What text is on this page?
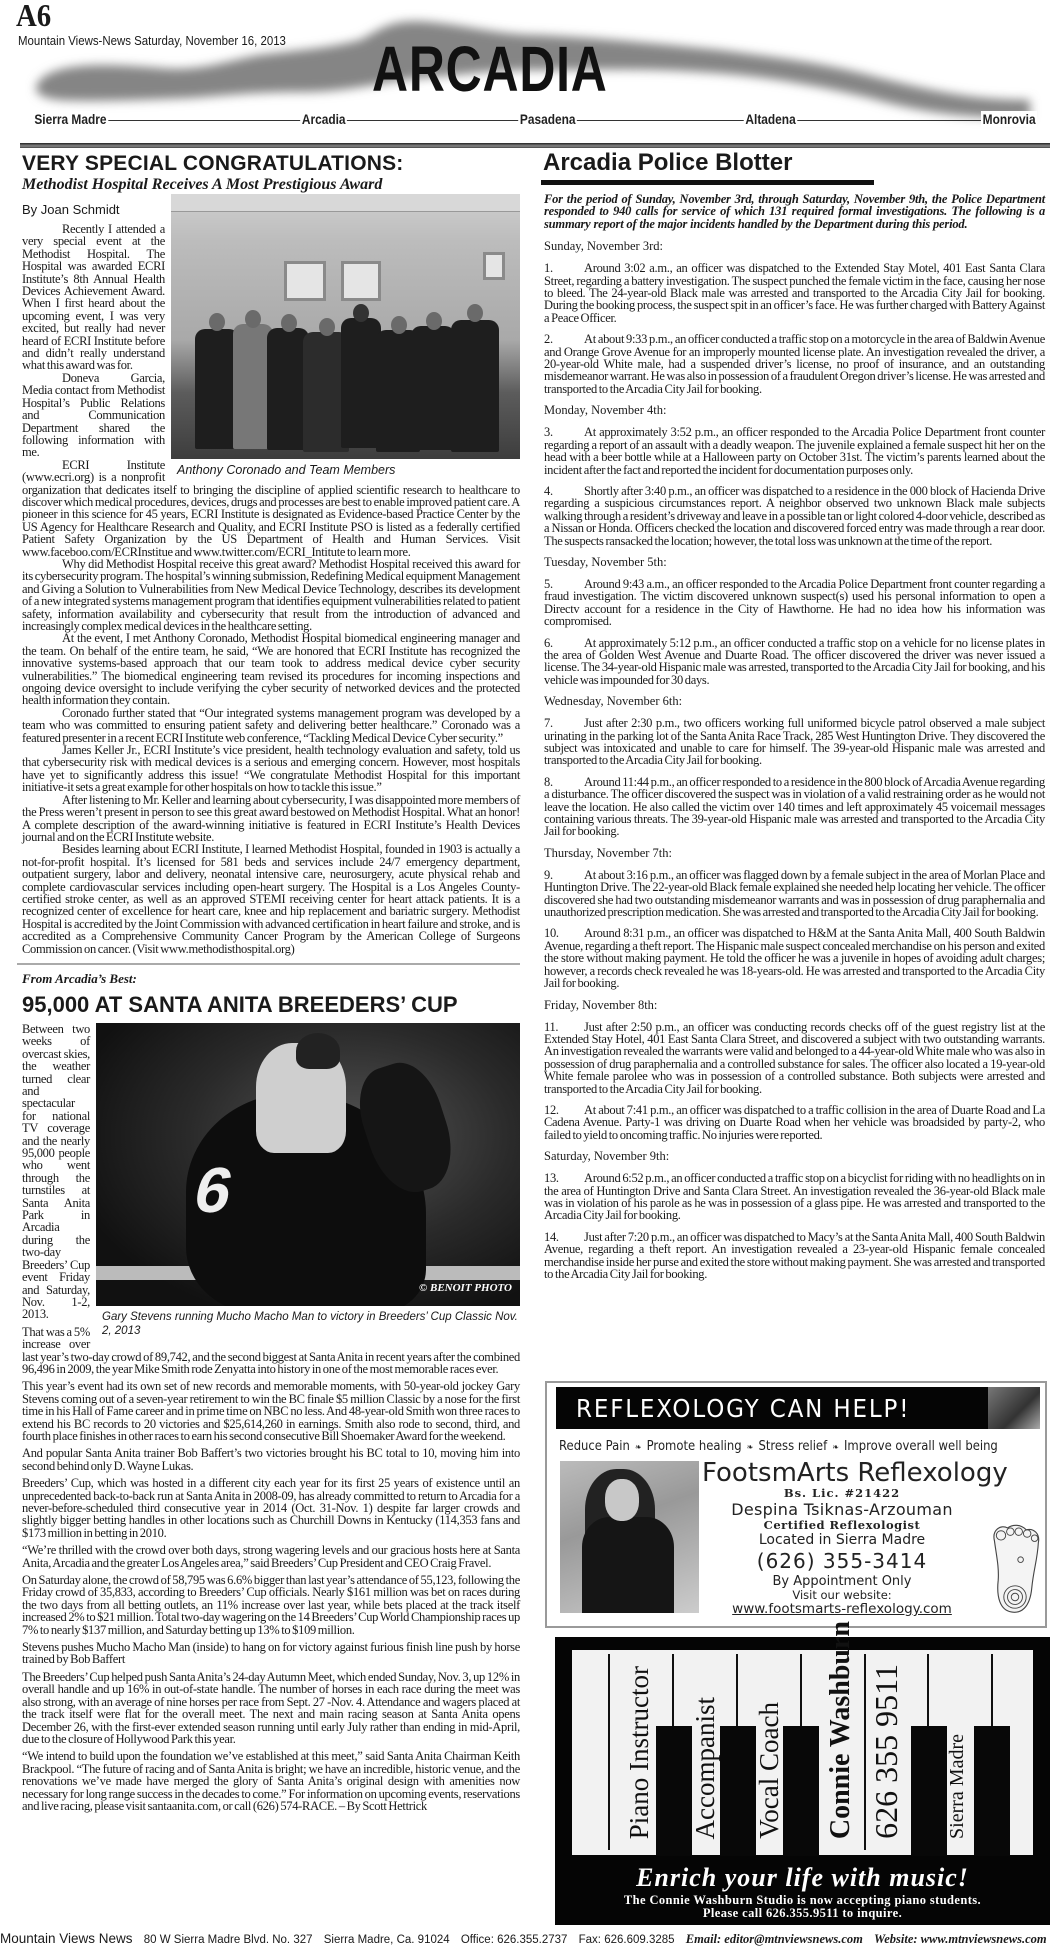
A6
Mountain Views-News Saturday, November 16, 2013 ARCADIA
Sierra Madre	Arcadia	Pasadena	Altadena	Monrovia
VERY SPECIAL CONGRATULATIONS:
Methodist Hospital Receives A Most Prestigious Award
Anthony Coronado and Team Members
By Joan Schmidt

Recently I attended a very special event at the Methodist Hospital. The Hospital was awarded ECRI Institute’s 8th Annual Health Devices Achievement Award. When I first heard about the upcoming event, I was very excited, but really had never heard of ECRI Institute before and didn’t really understand what this award was for.

Doneva Garcia, Media contact from Methodist Hospital’s Public Relations and Communication Department shared the following information with me.

ECRI Institute (www.ecri.org) is a nonprofit organization that dedicates itself to bringing the discipline of applied scientific research to healthcare to discover which medical procedures, devices, drugs and processes are best to enable improved patient care. A pioneer in this science for 45 years, ECRI Institute is designated as Evidence-based Practice Center by the US Agency for Healthcare Research and Quality, and ECRI Institute PSO is listed as a federally certified Patient Safety Organization by the US Department of Health and Human Services. Visit www.faceboo.com/ECRInstitue and www.twitter.com/ECRI_Intitute to learn more.

Why did Methodist Hospital receive this great award? Methodist Hospital received this award for its cybersecurity program. The hospital’s winning submission, Redefining Medical equipment Management and Giving a Solution to Vulnerabilities from New Medical Device Technology, describes its development of a new integrated systems management program that identifies equipment vulnerabilities related to patient safety, information availability and cybersecurity that result from the introduction of advanced and increasingly complex medical devices in the healthcare setting.

At the event, I met Anthony Coronado, Methodist Hospital biomedical engineering manager and the team. On behalf of the entire team, he said, “We are honored that ECRI Institute has recognized the innovative systems-based approach that our team took to address medical device cyber security vulnerabilities.” The biomedical engineering team revised its procedures for incoming inspections and ongoing device oversight to include verifying the cyber security of networked devices and the protected health information they contain.

Coronado further stated that “Our integrated systems management program was developed by a team who was committed to ensuring patient safety and delivering better healthcare.” Coronado was a featured presenter in a recent ECRI Institute web conference, “Tackling Medical Device Cyber security.”

James Keller Jr., ECRI Institute’s vice president, health technology evaluation and safety, told us that cybersecurity risk with medical devices is a serious and emerging concern. However, most hospitals have yet to significantly address this issue! “We congratulate Methodist Hospital for this important initiative-it sets a great example for other hospitals on how to tackle this issue.”

After listening to Mr. Keller and learning about cybersecurity, I was disappointed more members of the Press weren’t present in person to see this great award bestowed on Methodist Hospital. What an honor! A complete description of the award-winning initiative is featured in ECRI Institute’s Health Devices journal and on the ECRI Institute website.

Besides learning about ECRI Institute, I learned Methodist Hospital, founded in 1903 is actually a not-for-profit hospital. It’s licensed for 581 beds and services include 24/7 emergency department, outpatient surgery, labor and delivery, neonatal intensive care, neurosurgery, acute physical rehab and complete cardiovascular services including open-heart surgery. The Hospital is a Los Angeles County-certified stroke center, as well as an approved STEMI receiving center for heart attack patients. It is a recognized center of excellence for heart care, knee and hip replacement and bariatric surgery. Methodist Hospital is accredited by the Joint Commission with advanced certification in heart failure and stroke, and is accredited as a Comprehensive Community Cancer Program by the American College of Surgeons Commission on cancer. (Visit www.methodisthospital.org)

From Arcadia’s Best:
95,000 AT SANTA ANITA BREEDERS’ CUP
6
© BENOIT PHOTO
Gary Stevens running Mucho Macho Man to victory in Breeders’ Cup Classic Nov. 2, 2013

Between two weeks of overcast skies, the weather turned clear and spectacular for national TV coverage and the nearly 95,000 people who went through the turnstiles at Santa Anita Park in Arcadia during the two-day Breeders’ Cup event Friday and Saturday, Nov. 1-2, 2013.

That was a 5% increase over last year’s two-day crowd of 89,742, and the second biggest at Santa Anita in recent years after the combined 96,496 in 2009, the year Mike Smith rode Zenyatta into history in one of the most memorable races ever.

This year’s event had its own set of new records and memorable moments, with 50-year-old jockey Gary Stevens coming out of a seven-year retirement to win the BC finale $5 million Classic by a nose for the first time in his Hall of Fame career and in prime time on NBC no less. And 48-year-old Smith won three races to extend his BC records to 20 victories and $25,614,260 in earnings. Smith also rode to second, third, and fourth place finishes in other races to earn his second consecutive Bill Shoemaker Award for the weekend.

And popular Santa Anita trainer Bob Baffert’s two victories brought his BC total to 10, moving him into second behind only D. Wayne Lukas.

Breeders’ Cup, which was hosted in a different city each year for its first 25 years of existence until an unprecedented back-to-back run at Santa Anita in 2008-09, has already committed to return to Arcadia for a never-before-scheduled third consecutive year in 2014 (Oct. 31-Nov. 1) despite far larger crowds and slightly bigger betting handles in other locations such as Churchill Downs in Kentucky (114,353 fans and $173 million in betting in 2010.

“We’re thrilled with the crowd over both days, strong wagering levels and our gracious hosts here at Santa Anita, Arcadia and the greater Los Angeles area,” said Breeders’ Cup President and CEO Craig Fravel.

On Saturday alone, the crowd of 58,795 was 6.6% bigger than last year’s attendance of 55,123, following the Friday crowd of 35,833, according to Breeders’ Cup officials. Nearly $161 million was bet on races during the two days from all betting outlets, an 11% increase over last year, while bets placed at the track itself increased 2% to $21 million. Total two-day wagering on the 14 Breeders’ Cup World Championship races up 7% to nearly $137 million, and Saturday betting up 13% to $109 million.

Stevens pushes Mucho Macho Man (inside) to hang on for victory against furious finish line push by horse trained by Bob Baffert

The Breeders’ Cup helped push Santa Anita’s 24-day Autumn Meet, which ended Sunday, Nov. 3, up 12% in overall handle and up 16% in out-of-state handle. The number of horses in each race during the meet was also strong, with an average of nine horses per race from Sept. 27 -Nov. 4. Attendance and wagers placed at the track itself were flat for the overall meet. The next and main racing season at Santa Anita opens December 26, with the first-ever extended season running until early July rather than ending in mid-April, due to the closure of Hollywood Park this year.

“We intend to build upon the foundation we’ve established at this meet,” said Santa Anita Chairman Keith Brackpool. “The future of racing and of Santa Anita is bright; we have an incredible, historic venue, and the renovations we’ve made have merged the glory of Santa Anita’s original design with amenities now necessary for long range success in the decades to come.” For information on upcoming events, reservations and live racing, please visit santaanita.com, or call (626) 574-RACE. – By Scott Hettrick

Arcadia Police Blotter
For the period of Sunday, November 3rd, through Saturday, November 9th, the Police Department responded to 940 calls for service of which 131 required formal investigations. The following is a summary report of the major incidents handled by the Department during this period.
Sunday, November 3rd:
1. Around 3:02 a.m., an officer was dispatched to the Extended Stay Motel, 401 East Santa Clara Street, regarding a battery investigation. The suspect punched the female victim in the face, causing her nose to bleed. The 24-year-old Black male was arrested and transported to the Arcadia City Jail for booking. During the booking process, the suspect spit in an officer’s face. He was further charged with Battery Against a Peace Officer.
2. At about 9:33 p.m., an officer conducted a traffic stop on a motorcycle in the area of Baldwin Avenue and Orange Grove Avenue for an improperly mounted license plate. An investigation revealed the driver, a 20-year-old White male, had a suspended driver’s license, no proof of insurance, and an outstanding misdemeanor warrant. He was also in possession of a fraudulent Oregon driver’s license. He was arrested and transported to the Arcadia City Jail for booking.
Monday, November 4th:
3. At approximately 3:52 p.m., an officer responded to the Arcadia Police Department front counter regarding a report of an assault with a deadly weapon. The juvenile explained a female suspect hit her on the head with a beer bottle while at a Halloween party on October 31st. The victim’s parents learned about the incident after the fact and reported the incident for documentation purposes only.
4. Shortly after 3:40 p.m., an officer was dispatched to a residence in the 000 block of Hacienda Drive regarding a suspicious circumstances report. A neighbor observed two unknown Black male subjects walking through a resident’s driveway and leave in a possible tan or light colored 4-door vehicle, described as a Nissan or Honda. Officers checked the location and discovered forced entry was made through a rear door. The suspects ransacked the location; however, the total loss was unknown at the time of the report.
Tuesday, November 5th:
5. Around 9:43 a.m., an officer responded to the Arcadia Police Department front counter regarding a fraud investigation. The victim discovered unknown suspect(s) used his personal information to open a Directv account for a residence in the City of Hawthorne. He had no idea how his information was compromised.
6. At approximately 5:12 p.m., an officer conducted a traffic stop on a vehicle for no license plates in the area of Golden West Avenue and Duarte Road. The officer discovered the driver was never issued a license. The 34-year-old Hispanic male was arrested, transported to the Arcadia City Jail for booking, and his vehicle was impounded for 30 days.
Wednesday, November 6th:
7. Just after 2:30 p.m., two officers working full uniformed bicycle patrol observed a male subject urinating in the parking lot of the Santa Anita Race Track, 285 West Huntington Drive. They discovered the subject was intoxicated and unable to care for himself. The 39-year-old Hispanic male was arrested and transported to the Arcadia City Jail for booking.
8. Around 11:44 p.m., an officer responded to a residence in the 800 block of Arcadia Avenue regarding a disturbance. The officer discovered the suspect was in violation of a valid restraining order as he would not leave the location. He also called the victim over 140 times and left approximately 45 voicemail messages containing various threats. The 39-year-old Hispanic male was arrested and transported to the Arcadia City Jail for booking.
Thursday, November 7th:
9. At about 3:16 p.m., an officer was flagged down by a female subject in the area of Morlan Place and Huntington Drive. The 22-year-old Black female explained she needed help locating her vehicle. The officer discovered she had two outstanding misdemeanor warrants and was in possession of drug paraphernalia and unauthorized prescription medication. She was arrested and transported to the Arcadia City Jail for booking.
10. Around 8:31 p.m., an officer was dispatched to H&M at the Santa Anita Mall, 400 South Baldwin Avenue, regarding a theft report. The Hispanic male suspect concealed merchandise on his person and exited the store without making payment. He told the officer he was a juvenile in hopes of avoiding adult charges; however, a records check revealed he was 18-years-old. He was arrested and transported to the Arcadia City Jail for booking.
Friday, November 8th:
11. Just after 2:50 p.m., an officer was conducting records checks off of the guest registry list at the Extended Stay Hotel, 401 East Santa Clara Street, and discovered a subject with two outstanding warrants. An investigation revealed the warrants were valid and belonged to a 44-year-old White male who was also in possession of drug paraphernalia and a controlled substance for sales. The officer also located a 19-year-old White female parolee who was in possession of a controlled substance. Both subjects were arrested and transported to the Arcadia City Jail for booking.
12. At about 7:41 p.m., an officer was dispatched to a traffic collision in the area of Duarte Road and La Cadena Avenue. Party-1 was driving on Duarte Road when her vehicle was broadsided by party-2, who failed to yield to oncoming traffic. No injuries were reported.
Saturday, November 9th:
13. Around 6:52 p.m., an officer conducted a traffic stop on a bicyclist for riding with no headlights on in the area of Huntington Drive and Santa Clara Street. An investigation revealed the 36-year-old Black male was in violation of his parole as he was in possession of a glass pipe. He was arrested and transported to the Arcadia City Jail for booking.
14. Just after 7:20 p.m., an officer was dispatched to Macy’s at the Santa Anita Mall, 400 South Baldwin Avenue, regarding a theft report. An investigation revealed a 23-year-old Hispanic female concealed merchandise inside her purse and exited the store without making payment. She was arrested and transported to the Arcadia City Jail for booking.
REFLEXOLOGY CAN HELP!
Reduce Pain ❧ Promote healing ❧ Stress relief ❧ Improve overall well being
FootsmArts Reflexology
Bs. Lic. #21422
Despina Tsiknas-Arzouman
Certified Reflexologist
Located in Sierra Madre
(626) 355-3414
By Appointment Only
Visit our website:
www.footsmarts-reflexology.com
Piano Instructor Accompanist Vocal Coach Connie Washburn 626 355 9511 Sierra Madre
Enrich your life with music!
The Connie Washburn Studio is now accepting piano students.
Please call 626.355.9511 to inquire.
Mountain Views News 80 W Sierra Madre Blvd. No. 327 Sierra Madre, Ca. 91024 Office: 626.355.2737 Fax: 626.609.3285 Email: editor@mtnviewsnews.com Website: www.mtnviewsnews.com
